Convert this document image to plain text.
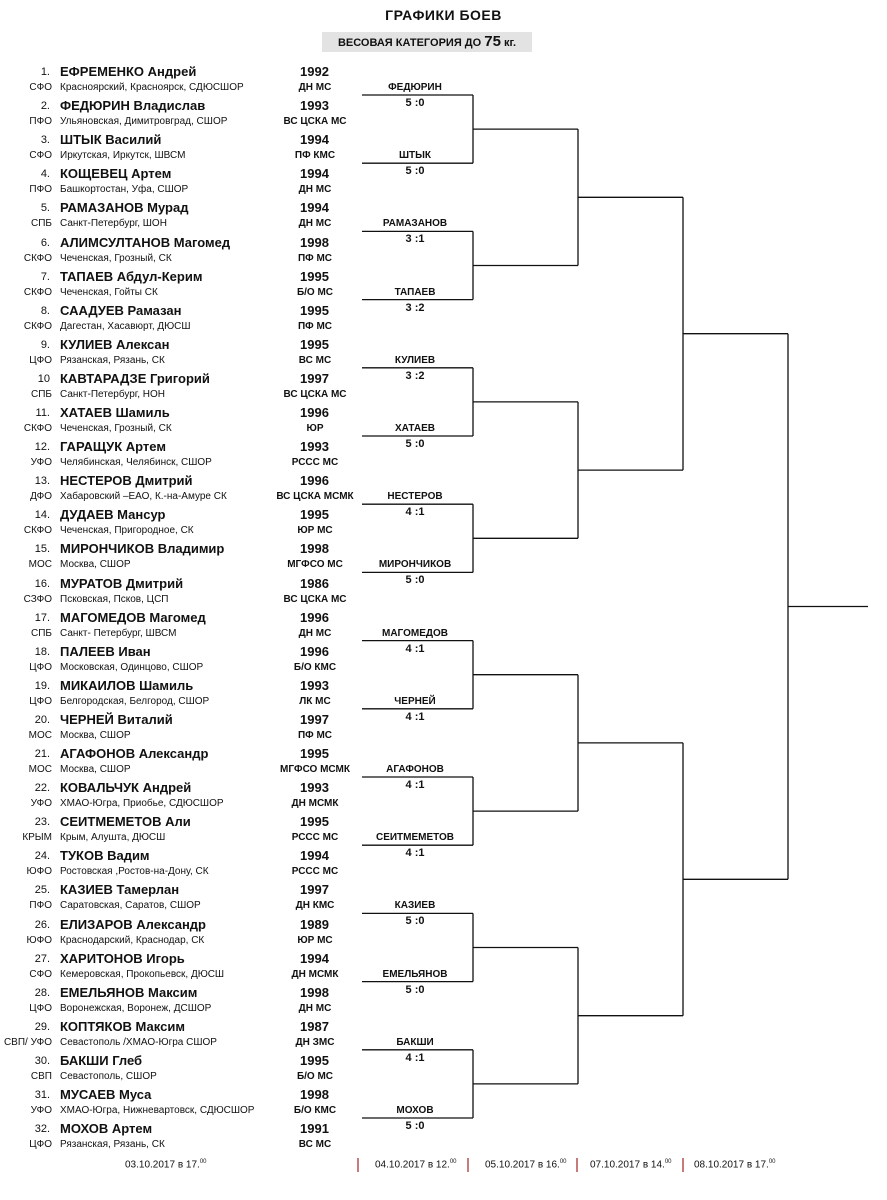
ГРАФИКИ БОЕВ
ВЕСОВАЯ КАТЕГОРИЯ ДО 75 кг.
1. ЕФРЕМЕНКО Андрей	1992
СФО Красноярский, Красноярск, СДЮСШОР	ДН МС
2. ФЕДЮРИН Владислав	1993
ПФО Ульяновская, Димитровград, СШОР	ВС ЦСКА МС
3. ШТЫК Василий	1994
СФО Иркутская, Иркутск, ШВСМ	ПФ КМС
4. КОЩЕВЕЦ Артем	1994
ПФО Башкортостан, Уфа, СШОР	ДН МС
5. РАМАЗАНОВ Мурад	1994
СПБ Санкт-Петербург, ШОН	ДН МС
6. АЛИМСУЛТАНОВ Магомед	1998
СКФО Чеченская, Грозный, СК	ПФ МС
7. ТАПАЕВ Абдул-Керим	1995
СКФО Чеченская, Гойты СК	Б/О МС
8. СААДУЕВ Рамазан	1995
СКФО Дагестан, Хасавюрт, ДЮСШ	ПФ МС
9. КУЛИЕВ Алексан	1995
ЦФО Рязанская, Рязань, СК	ВС МС
10 КАВТАРАДЗЕ Григорий	1997
СПБ Санкт-Петербург, НОН	ВС ЦСКА МС
11. ХАТАЕВ Шамиль	1996
СКФО Чеченская, Грозный, СК	ЮР
12. ГАРАЩУК Артем	1993
УФО Челябинская, Челябинск, СШОР	РССС МС
13. НЕСТЕРОВ Дмитрий	1996
ДФО Хабаровский –ЕАО, К.-на-Амуре СК	ВС ЦСКА МСМК
14. ДУДАЕВ Мансур	1995
СКФО Чеченская, Пригородное, СК	ЮР МС
15. МИРОНЧИКОВ Владимир	1998
МОС Москва, СШОР	МГФСО МС
16. МУРАТОВ Дмитрий	1986
СЗФО Псковская, Псков, ЦСП	ВС ЦСКА МС
17. МАГОМЕДОВ Магомед	1996
СПБ Санкт- Петербург, ШВСМ	ДН МС
18. ПАЛЕЕВ Иван	1996
ЦФО Московская, Одинцово, СШОР	Б/О КМС
19. МИКАИЛОВ Шамиль	1993
ЦФО Белгородская, Белгород, СШОР	ЛК МС
20. ЧЕРНЕЙ Виталий	1997
МОС Москва, СШОР	ПФ МС
21. АГАФОНОВ Александр	1995
МОС Москва, СШОР	МГФСО МСМК
22. КОВАЛЬЧУК Андрей	1993
УФО ХМАО-Югра, Приобье, СДЮСШОР	ДН МСМК
23. СЕИТМЕМЕТОВ Али	1995
КРЫМ Крым, Алушта, ДЮСШ	РССС МС
24. ТУКОВ Вадим	1994
ЮФО Ростовская ,Ростов-на-Дону, СК	РССС МС
25. КАЗИЕВ Тамерлан	1997
ПФО Саратовская, Саратов, СШОР	ДН КМС
26. ЕЛИЗАРОВ Александр	1989
ЮФО Краснодарский, Краснодар, СК	ЮР МС
27. ХАРИТОНОВ Игорь	1994
СФО Кемеровская, Прокопьевск, ДЮСШ	ДН МСМК
28. ЕМЕЛЬЯНОВ Максим	1998
ЦФО Воронежская, Воронеж, ДСШОР	ДН МС
29. КОПТЯКОВ Максим	1987
СВП/ УФО Севастополь /ХМАО-Югра СШОР	ДН ЗМС
30. БАКШИ Глеб	1995
СВП Севастополь, СШОР	Б/О МС
31. МУСАЕВ Муса	1998
УФО ХМАО-Югра, Нижневартовск, СДЮСШОР	Б/О КМС
32. МОХОВ Артем	1991
ЦФО Рязанская, Рязань, СК	ВС МС
ФЕДЮРИН
5 :0
ШТЫК
5 :0
РАМАЗАНОВ
3 :1
ТАПАЕВ
3 :2
КУЛИЕВ
3 :2
ХАТАЕВ
5 :0
НЕСТЕРОВ
4 :1
МИРОНЧИКОВ
5 :0
МАГОМЕДОВ
4 :1
ЧЕРНЕЙ
4 :1
АГАФОНОВ
4 :1
СЕИТМЕМЕТОВ
4 :1
КАЗИЕВ
5 :0
ЕМЕЛЬЯНОВ
5 :0
БАКШИ
4 :1
МОХОВ
5 :0
03.10.2017 в 17.00	04.10.2017 в 12.00	05.10.2017 в 16.00 07.10.2017 в 14.00 08.10.2017 в 17.00
